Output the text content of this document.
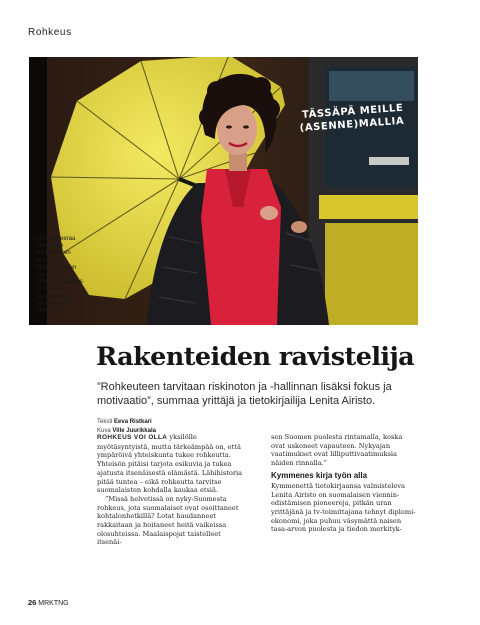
Rohkeus
TÄSSÄPÄ MEILLE (ASENNE)MALLIA
Lenita siteeraa
mielellään
kreikkalaisen
filosofin
Thukydideksen
viisautta:
"Onnen salaisuus
on vapaus.
Ja vapauden
salaisuus on
rohkeus."
Rakenteiden ravistelija
”Rohkeuteen tarvitaan riskinoton ja -hallinnan lisäksi fokus ja motivaatio”, summaa yrittäjä ja tietokirjailija Lenita Airisto.
Teksti Eeva Ristkari
Kuva Ville Juurikkala

ROHKEUS VOI OLLA yksilölle myötäsyntyistä, mutta tärkeämpää on, että ympäröivä yhteiskunta tukee rohkeutta. Yhteisön pitäisi tarjota esikuvia ja tukea ajatusta itsenäisestä elämästä. Lähihistoria pitää tuntea – eikä rohkeutta tarvitse suomalaisten kohdalla kaukaa etsiä.

”Missä helvetissä on nyky-Suomesta rohkeus, jota suomalaiset ovat osoittaneet kohtalonhetkillä? Lotat haudanneet rakkaitaan ja hoitaneet heitä vaikeissa olosuhteissa. Maalaispojat taistelleet itsenäi-

sen Suomen puolesta rintamalla, koska ovat uskoneet vapauteen. Nykyajan vaatimukset ovat lilliputtivaatimuksia näiden rinnalla.”

Kymmenes kirja työn alla

Kymmenettä tietokirjaansa valmisteleva Lenita Airisto on suomalaisen viennin-edistämisen pioneereja, pitkän uran yrittäjänä ja tv-toimittajana tehnyt diplomi-ekonomi, joka puhuu väsymättä naisen tasa-arvon puolesta ja tiedon merkityk-

26 MRKTNG
